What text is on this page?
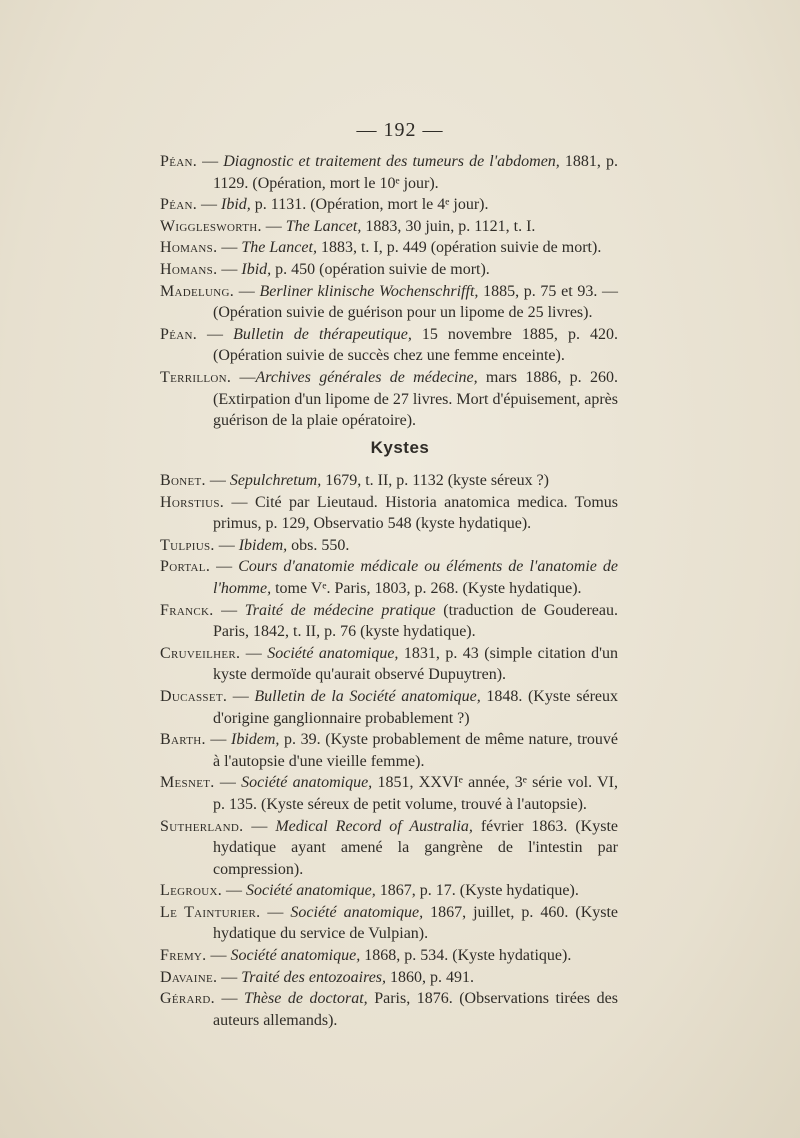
— 192 —

Péan. — Diagnostic et traitement des tumeurs de l'abdomen, 1881, p. 1129. (Opération, mort le 10ᵉ jour).

Péan. — Ibid, p. 1131. (Opération, mort le 4ᵉ jour).

Wigglesworth. — The Lancet, 1883, 30 juin, p. 1121, t. I.

Homans. — The Lancet, 1883, t. I, p. 449 (opération suivie de mort).

Homans. — Ibid, p. 450 (opération suivie de mort).

Madelung. — Berliner klinische Wochenschrifft, 1885, p. 75 et 93. — (Opération suivie de guérison pour un lipome de 25 livres).

Péan. — Bulletin de thérapeutique, 15 novembre 1885, p. 420. (Opération suivie de succès chez une femme enceinte).

Terrillon. —Archives générales de médecine, mars 1886, p. 260. (Extirpation d'un lipome de 27 livres. Mort d'épuisement, après guérison de la plaie opératoire).

Kystes

Bonet. — Sepulchretum, 1679, t. II, p. 1132 (kyste séreux ?)

Horstius. — Cité par Lieutaud. Historia anatomica medica. Tomus primus, p. 129, Observatio 548 (kyste hydatique).

Tulpius. — Ibidem, obs. 550.

Portal. — Cours d'anatomie médicale ou éléments de l'anatomie de l'homme, tome Vᵉ. Paris, 1803, p. 268. (Kyste hydatique).

Franck. — Traité de médecine pratique (traduction de Goudereau. Paris, 1842, t. II, p. 76 (kyste hydatique).

Cruveilher. — Société anatomique, 1831, p. 43 (simple citation d'un kyste dermoïde qu'aurait observé Dupuytren).

Ducasset. — Bulletin de la Société anatomique, 1848. (Kyste séreux d'origine ganglionnaire probablement ?)

Barth. — Ibidem, p. 39. (Kyste probablement de même nature, trouvé à l'autopsie d'une vieille femme).

Mesnet. — Société anatomique, 1851, XXVIᵉ année, 3ᵉ série vol. VI, p. 135. (Kyste séreux de petit volume, trouvé à l'autopsie).

Sutherland. — Medical Record of Australia, février 1863. (Kyste hydatique ayant amené la gangrène de l'intestin par compression).

Legroux. — Société anatomique, 1867, p. 17. (Kyste hydatique).

Le Tainturier. — Société anatomique, 1867, juillet, p. 460. (Kyste hydatique du service de Vulpian).

Fremy. — Société anatomique, 1868, p. 534. (Kyste hydatique).

Davaine. — Traité des entozoaires, 1860, p. 491.

Gérard. — Thèse de doctorat, Paris, 1876. (Observations tirées des auteurs allemands).
